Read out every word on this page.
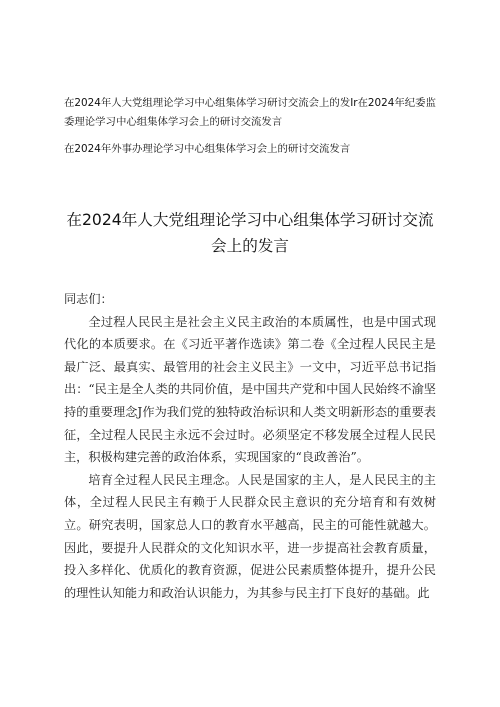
在2024年人大党组理论学习中心组集体学习研讨交流会上的发Ir在2024年纪委监委理论学习中心组集体学习会上的研讨交流发言
在2024年外事办理论学习中心组集体学习会上的研讨交流发言
在2024年人大党组理论学习中心组集体学习研讨交流会上的发言

同志们：

全过程人民民主是社会主义民主政治的本质属性，也是中国式现代化的本质要求。在《习近平著作选读》第二卷《全过程人民民主是最广泛、最真实、最管用的社会主义民主》一文中，习近平总书记指出：“民主是全人类的共同价值，是中国共产党和中国人民始终不渝坚持的重要理念J作为我们党的独特政治标识和人类文明新形态的重要表征，全过程人民民主永远不会过时。必须坚定不移发展全过程人民民主，积极构建完善的政治体系，实现国家的“良政善治”。

培育全过程人民民主理念。人民是国家的主人，是人民民主的主体，全过程人民民主有赖于人民群众民主意识的充分培育和有效树立。研究表明，国家总人口的教育水平越高，民主的可能性就越大。因此，要提升人民群众的文化知识水平，进一步提高社会教育质量，投入多样化、优质化的教育资源，促进公民素质整体提升，提升公民的理性认知能力和政治认识能力，为其参与民主打下良好的基础。此
